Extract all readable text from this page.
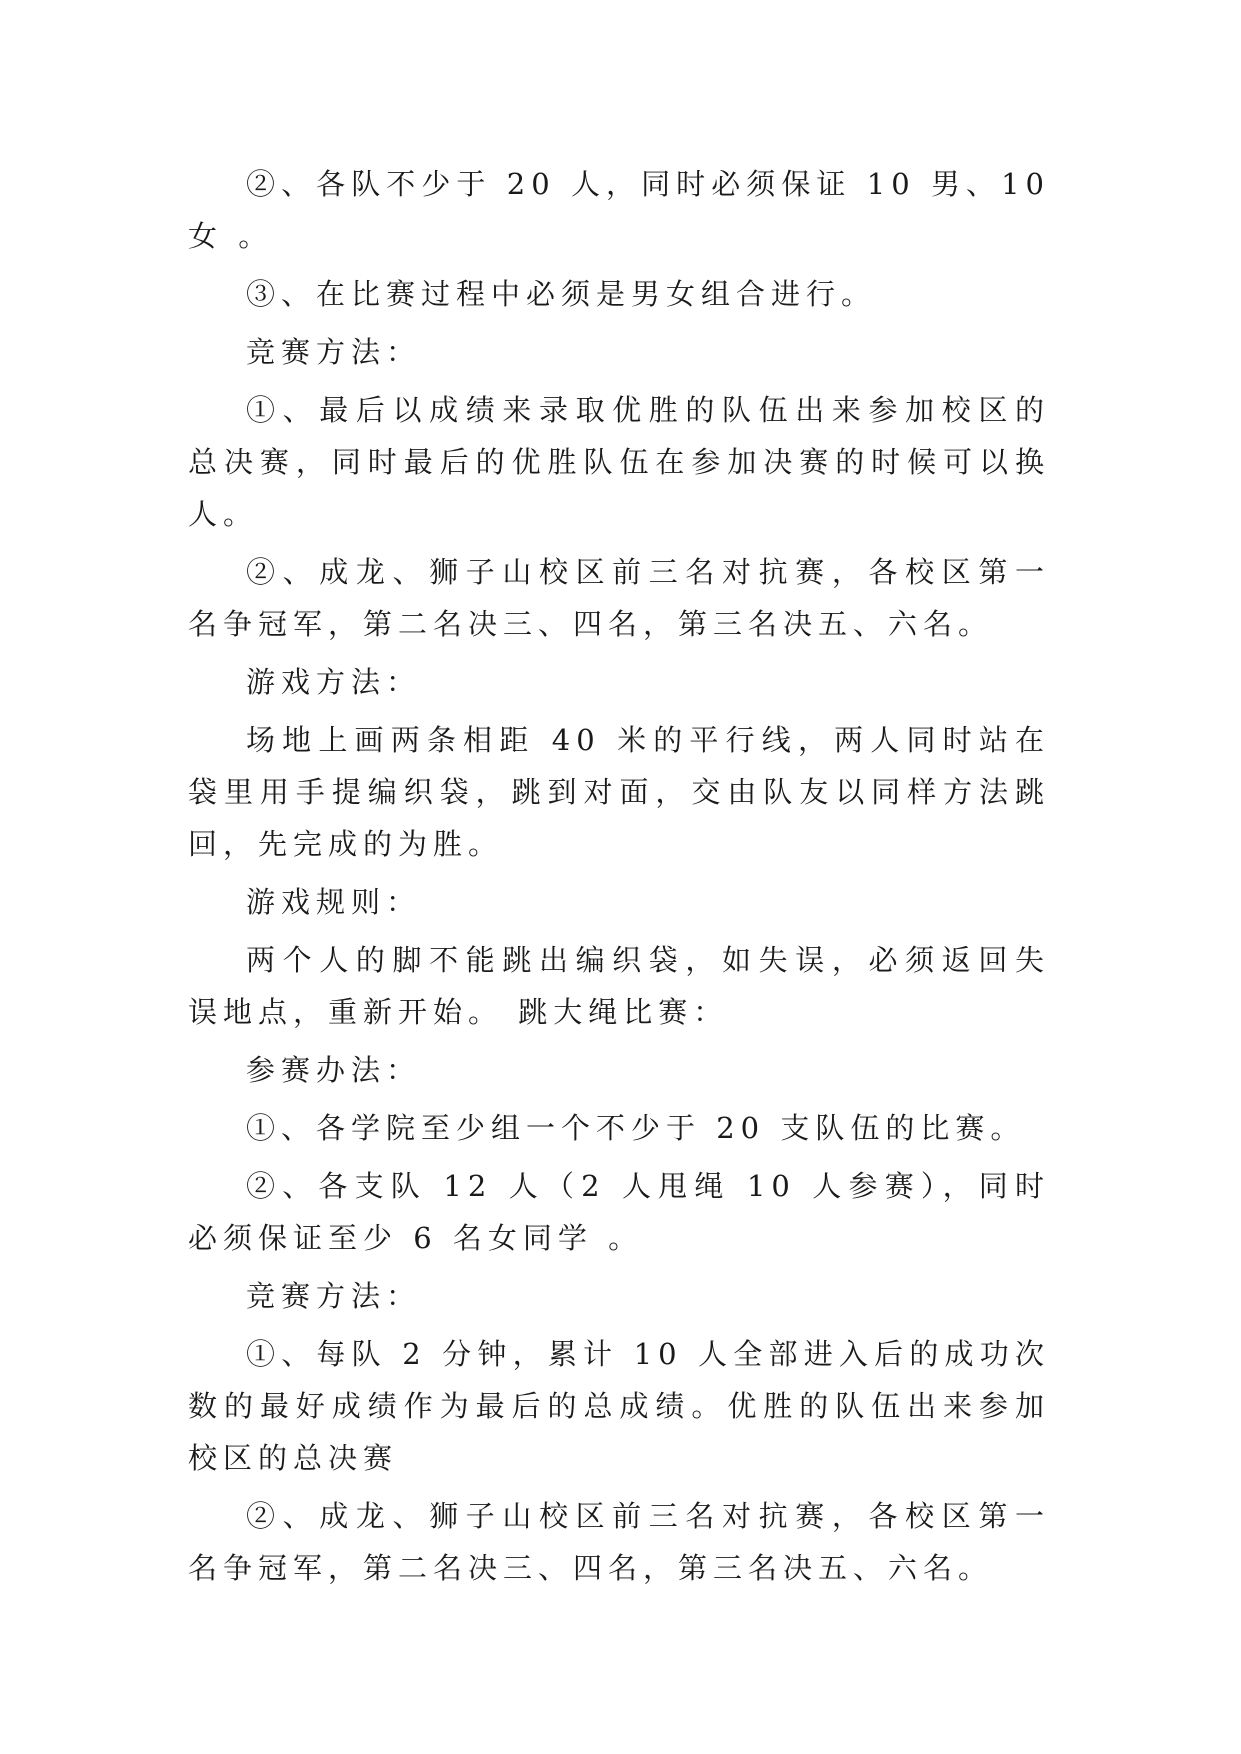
②、各队不少于 20 人，同时必须保证 10 男、10 女 。

③、在比赛过程中必须是男女组合进行。

竞赛方法：

①、最后以成绩来录取优胜的队伍出来参加校区的总决赛，同时最后的优胜队伍在参加决赛的时候可以换人。

②、成龙、狮子山校区前三名对抗赛，各校区第一名争冠军，第二名决三、四名，第三名决五、六名。

游戏方法：

场地上画两条相距 40 米的平行线，两人同时站在袋里用手提编织袋，跳到对面，交由队友以同样方法跳回，先完成的为胜。

游戏规则：

两个人的脚不能跳出编织袋，如失误，必须返回失误地点，重新开始。 跳大绳比赛：

参赛办法：

①、各学院至少组一个不少于 20 支队伍的比赛。

②、各支队 12 人（2 人甩绳 10 人参赛），同时必须保证至少 6 名女同学 。

竞赛方法：

①、每队 2 分钟，累计 10 人全部进入后的成功次数的最好成绩作为最后的总成绩。优胜的队伍出来参加校区的总决赛

②、成龙、狮子山校区前三名对抗赛，各校区第一名争冠军，第二名决三、四名，第三名决五、六名。
